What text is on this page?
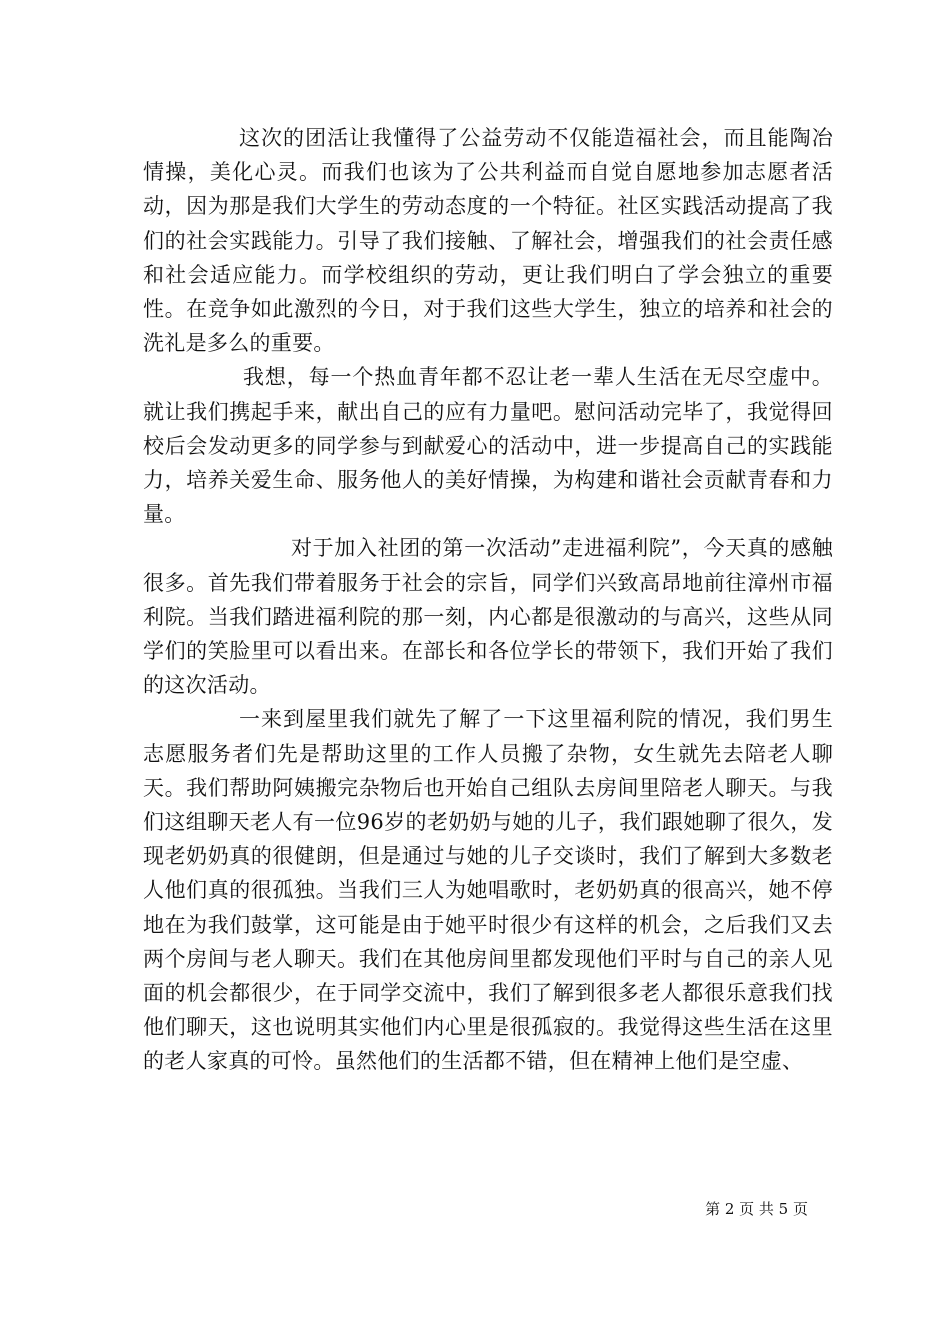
这次的团活让我懂得了公益劳动不仅能造福社会，而且能陶冶情操，美化心灵。而我们也该为了公共利益而自觉自愿地参加志愿者活动，因为那是我们大学生的劳动态度的一个特征。社区实践活动提高了我们的社会实践能力。引导了我们接触、了解社会，增强我们的社会责任感和社会适应能力。而学校组织的劳动，更让我们明白了学会独立的重要性。在竞争如此激烈的今日，对于我们这些大学生，独立的培养和社会的洗礼是多么的重要。

我想，每一个热血青年都不忍让老一辈人生活在无尽空虚中。就让我们携起手来，献出自己的应有力量吧。慰问活动完毕了，我觉得回校后会发动更多的同学参与到献爱心的活动中，进一步提高自己的实践能力，培养关爱生命、服务他人的美好情操，为构建和谐社会贡献青春和力量。

对于加入社团的第一次活动”走进福利院”，今天真的感触很多。首先我们带着服务于社会的宗旨，同学们兴致高昂地前往漳州市福利院。当我们踏进福利院的那一刻，内心都是很激动的与高兴，这些从同学们的笑脸里可以看出来。在部长和各位学长的带领下，我们开始了我们的这次活动。

一来到屋里我们就先了解了一下这里福利院的情况，我们男生志愿服务者们先是帮助这里的工作人员搬了杂物，女生就先去陪老人聊天。我们帮助阿姨搬完杂物后也开始自己组队去房间里陪老人聊天。与我们这组聊天老人有一位96岁的老奶奶与她的儿子，我们跟她聊了很久，发现老奶奶真的很健朗，但是通过与她的儿子交谈时，我们了解到大多数老人他们真的很孤独。当我们三人为她唱歌时，老奶奶真的很高兴，她不停地在为我们鼓掌，这可能是由于她平时很少有这样的机会，之后我们又去两个房间与老人聊天。我们在其他房间里都发现他们平时与自己的亲人见面的机会都很少，在于同学交流中，我们了解到很多老人都很乐意我们找他们聊天，这也说明其实他们内心里是很孤寂的。我觉得这些生活在这里的老人家真的可怜。虽然他们的生活都不错，但在精神上他们是空虚、

第 2 页 共 5 页
